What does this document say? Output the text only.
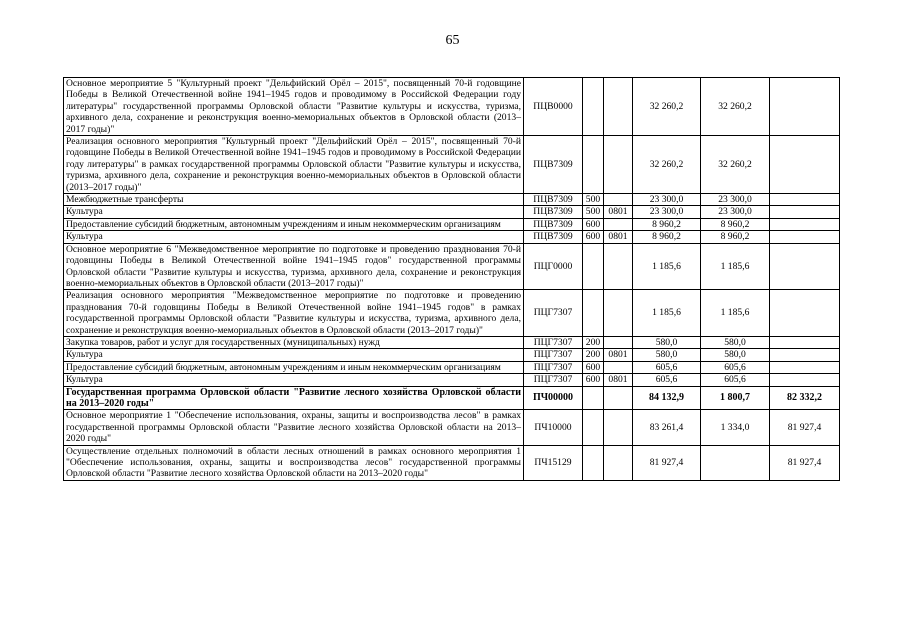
65
Основное мероприятие 5 "Культурный проект "Дельфийский Орёл – 2015", посвященный 70-й годовщине Победы в Великой Отечественной войне 1941–1945 годов и проводимому в Российской Федерации году литературы" государственной программы Орловской области "Развитие культуры и искусства, туризма, архивного дела, сохранение и реконструкция военно-мемориальных объектов в Орловской области (2013–2017 годы)"	ПЦВ0000			32 260,2	32 260,2	
Реализация основного мероприятия "Культурный проект "Дельфийский Орёл – 2015", посвященный 70-й годовщине Победы в Великой Отечественной войне 1941–1945 годов и проводимому в Российской Федерации году литературы" в рамках государственной программы Орловской области "Развитие культуры и искусства, туризма, архивного дела, сохранение и реконструкция военно-мемориальных объектов в Орловской области (2013–2017 годы)"	ПЦВ7309			32 260,2	32 260,2	
Межбюджетные трансферты	ПЦВ7309	500		23 300,0	23 300,0	
Культура	ПЦВ7309	500	0801	23 300,0	23 300,0	
Предоставление субсидий бюджетным, автономным учреждениям и иным некоммерческим организациям	ПЦВ7309	600		8 960,2	8 960,2	
Культура	ПЦВ7309	600	0801	8 960,2	8 960,2	
Основное мероприятие 6 "Межведомственное мероприятие по подготовке и проведению празднования 70-й годовщины Победы в Великой Отечественной войне 1941–1945 годов" государственной программы Орловской области "Развитие культуры и искусства, туризма, архивного дела, сохранение и реконструкция военно-мемориальных объектов в Орловской области (2013–2017 годы)"	ПЦГ0000			1 185,6	1 185,6	
Реализация основного мероприятия "Межведомственное мероприятие по подготовке и проведению празднования 70-й годовщины Победы в Великой Отечественной войне 1941–1945 годов" в рамках государственной программы Орловской области "Развитие культуры и искусства, туризма, архивного дела, сохранение и реконструкция военно-мемориальных объектов в Орловской области (2013–2017 годы)"	ПЦГ7307			1 185,6	1 185,6	
Закупка товаров, работ и услуг для государственных (муниципальных) нужд	ПЦГ7307	200		580,0	580,0	
Культура	ПЦГ7307	200	0801	580,0	580,0	
Предоставление субсидий бюджетным, автономным учреждениям и иным некоммерческим организациям	ПЦГ7307	600		605,6	605,6	
Культура	ПЦГ7307	600	0801	605,6	605,6	
Государственная программа Орловской области "Развитие лесного хозяйства Орловской области на 2013–2020 годы"	ПЧ00000			84 132,9	1 800,7	82 332,2
Основное мероприятие 1 "Обеспечение использования, охраны, защиты и воспроизводства лесов" в рамках государственной программы Орловской области "Развитие лесного хозяйства Орловской области на 2013–2020 годы"	ПЧ10000			83 261,4	1 334,0	81 927,4
Осуществление отдельных полномочий в области лесных отношений в рамках основного мероприятия 1 "Обеспечение использования, охраны, защиты и воспроизводства лесов" государственной программы Орловской области "Развитие лесного хозяйства Орловской области на 2013–2020 годы"	ПЧ15129			81 927,4		81 927,4
